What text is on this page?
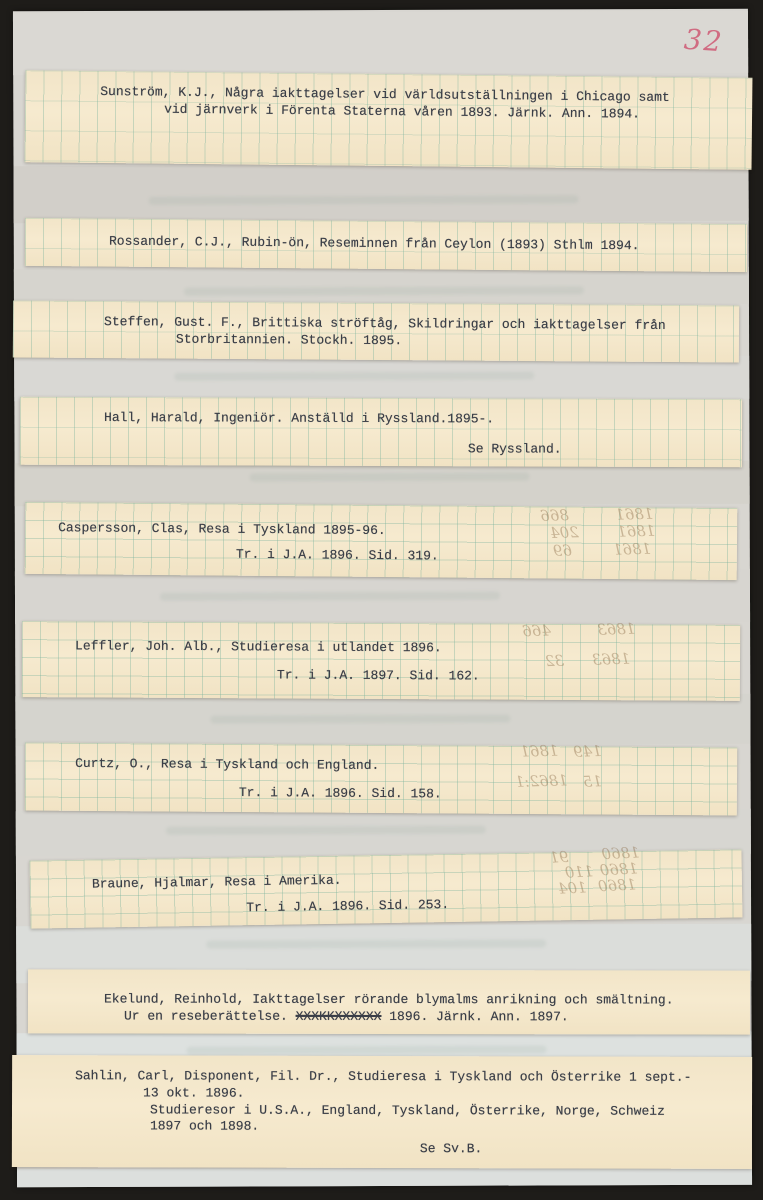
32
Sunström, K.J., Några iakttagelser vid världsutställningen i Chicago samt
vid järnverk i Förenta Staterna våren 1893. Järnk. Ann. 1894.
Rossander, C.J., Rubin-ön, Reseminnen från Ceylon (1893) Sthlm 1894.
Steffen, Gust. F., Brittiska ströftåg, Skildringar och iakttagelser från
Storbritannien. Stockh. 1895.
Hall, Harald, Ingeniör. Anställd i Ryssland.1895-.
Se Ryssland.
Caspersson, Clas, Resa i Tyskland 1895-96.
Tr. i J.A. 1896. Sid. 319.
866	1861
204	1861
69	1861
Leffler, Joh. Alb., Studieresa i utlandet 1896.
Tr. i J.A. 1897. Sid. 162.
466	1863
32 1863
Curtz, O., Resa i Tyskland och England.
Tr. i J.A. 1896. Sid. 158.
1861 149
1862:1 15
Braune, Hjalmar, Resa i Amerika.
Tr. i J.A. 1896. Sid. 253.
91 1860
110 1860
104 1860
Ekelund, Reinhold, Iakttagelser rörande blymalms anrikning och smältning.
Ur en reseberättelse. XXXKKXXXXXX 1896. Järnk. Ann. 1897.
Sahlin, Carl, Disponent, Fil. Dr., Studieresa i Tyskland och Österrike 1 sept.-
13 okt. 1896.
Studieresor i U.S.A., England, Tyskland, Österrike, Norge, Schweiz
1897 och 1898.
Se Sv.B.
